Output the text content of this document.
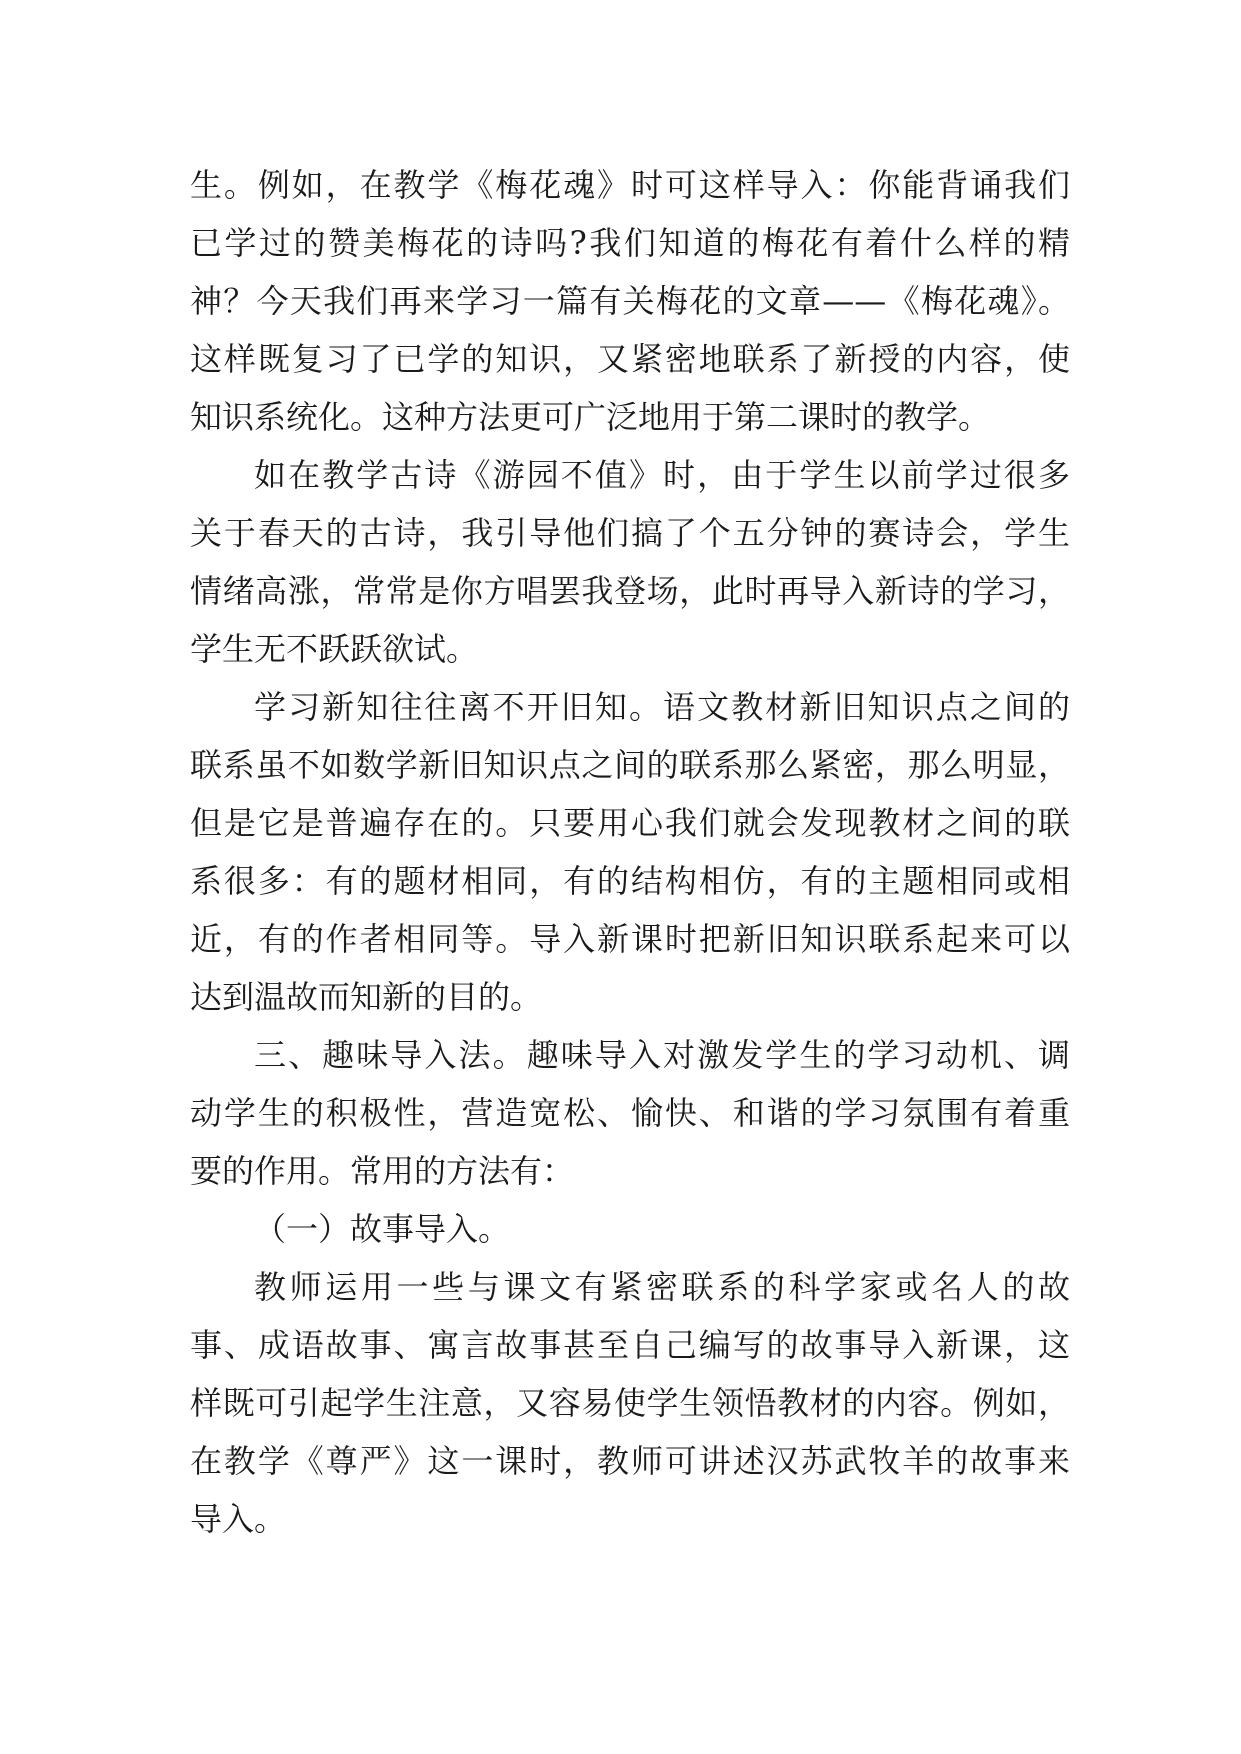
生。例如，在教学《梅花魂》时可这样导入：你能背诵我们
已学过的赞美梅花的诗吗?我们知道的梅花有着什么样的精
神？今天我们再来学习一篇有关梅花的文章——《梅花魂》。
这样既复习了已学的知识，又紧密地联系了新授的内容，使
知识系统化。这种方法更可广泛地用于第二课时的教学。
如在教学古诗《游园不值》时，由于学生以前学过很多
关于春天的古诗，我引导他们搞了个五分钟的赛诗会，学生
情绪高涨，常常是你方唱罢我登场，此时再导入新诗的学习，
学生无不跃跃欲试。
学习新知往往离不开旧知。语文教材新旧知识点之间的
联系虽不如数学新旧知识点之间的联系那么紧密，那么明显，
但是它是普遍存在的。只要用心我们就会发现教材之间的联
系很多：有的题材相同，有的结构相仿，有的主题相同或相
近，有的作者相同等。导入新课时把新旧知识联系起来可以
达到温故而知新的目的。
三、趣味导入法。趣味导入对激发学生的学习动机、调
动学生的积极性，营造宽松、愉快、和谐的学习氛围有着重
要的作用。常用的方法有：
（一）故事导入。
教师运用一些与课文有紧密联系的科学家或名人的故
事、成语故事、寓言故事甚至自己编写的故事导入新课，这
样既可引起学生注意，又容易使学生领悟教材的内容。例如，
在教学《尊严》这一课时，教师可讲述汉苏武牧羊的故事来
导入。
